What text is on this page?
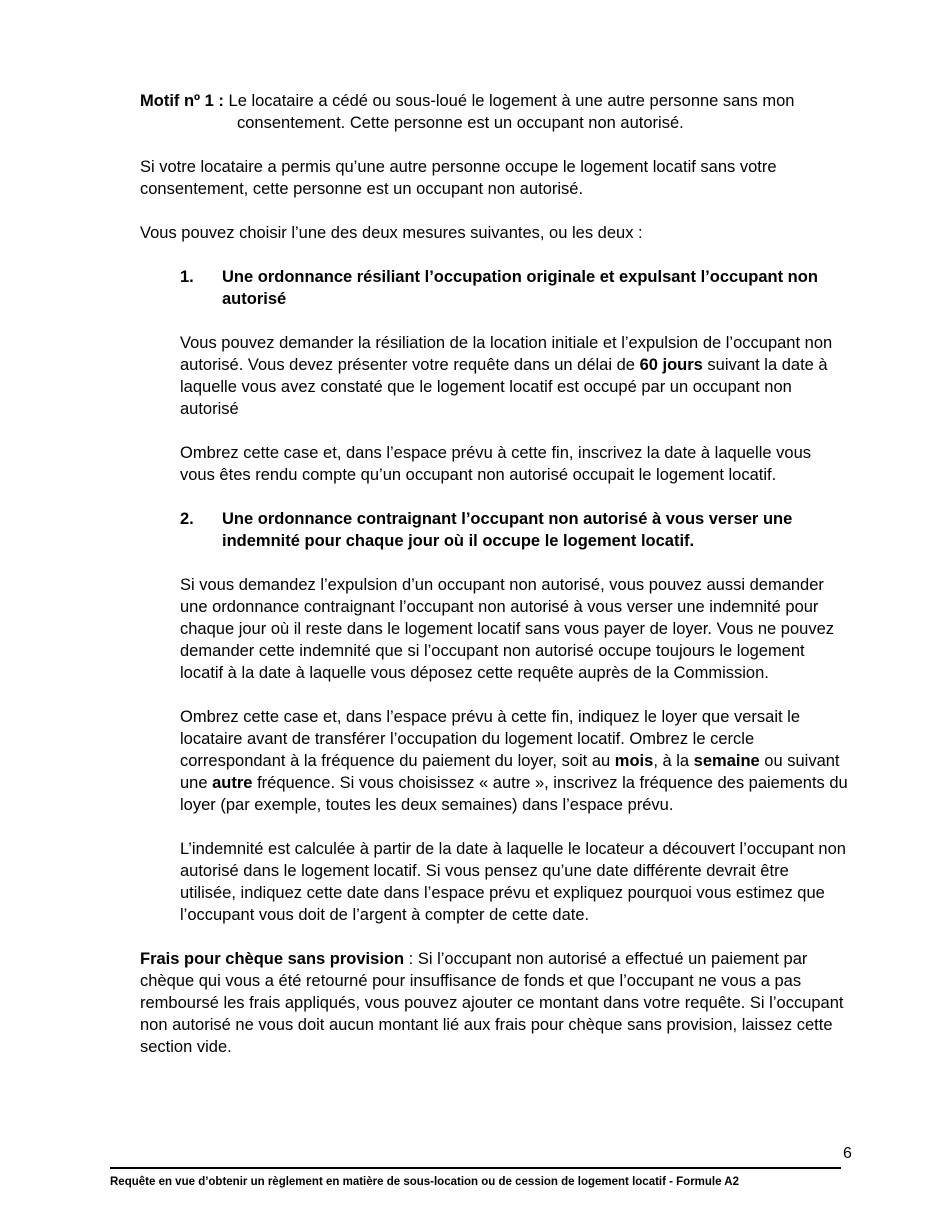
Motif nº 1 : Le locataire a cédé ou sous-loué le logement à une autre personne sans mon consentement. Cette personne est un occupant non autorisé.
Si votre locataire a permis qu’une autre personne occupe le logement locatif sans votre consentement, cette personne est un occupant non autorisé.
Vous pouvez choisir l’une des deux mesures suivantes, ou les deux :
1.	Une ordonnance résiliant l’occupation originale et expulsant l’occupant non autorisé
Vous pouvez demander la résiliation de la location initiale et l’expulsion de l’occupant non autorisé. Vous devez présenter votre requête dans un délai de 60 jours suivant la date à laquelle vous avez constaté que le logement locatif est occupé par un occupant non autorisé
Ombrez cette case et, dans l’espace prévu à cette fin, inscrivez la date à laquelle vous vous êtes rendu compte qu’un occupant non autorisé occupait le logement locatif.
2.	Une ordonnance contraignant l’occupant non autorisé à vous verser une indemnité pour chaque jour où il occupe le logement locatif.
Si vous demandez l’expulsion d’un occupant non autorisé, vous pouvez aussi demander une ordonnance contraignant l’occupant non autorisé à vous verser une indemnité pour chaque jour où il reste dans le logement locatif sans vous payer de loyer. Vous ne pouvez demander cette indemnité que si l’occupant non autorisé occupe toujours le logement locatif à la date à laquelle vous déposez cette requête auprès de la Commission.
Ombrez cette case et, dans l’espace prévu à cette fin, indiquez le loyer que versait le locataire avant de transférer l’occupation du logement locatif. Ombrez le cercle correspondant à la fréquence du paiement du loyer, soit au mois, à la semaine ou suivant une autre fréquence. Si vous choisissez « autre », inscrivez la fréquence des paiements du loyer (par exemple, toutes les deux semaines) dans l’espace prévu.
L’indemnité est calculée à partir de la date à laquelle le locateur a découvert l’occupant non autorisé dans le logement locatif. Si vous pensez qu’une date différente devrait être utilisée, indiquez cette date dans l’espace prévu et expliquez pourquoi vous estimez que l’occupant vous doit de l’argent à compter de cette date.
Frais pour chèque sans provision : Si l’occupant non autorisé a effectué un paiement par chèque qui vous a été retourné pour insuffisance de fonds et que l’occupant ne vous a pas remboursé les frais appliqués, vous pouvez ajouter ce montant dans votre requête. Si l’occupant non autorisé ne vous doit aucun montant lié aux frais pour chèque sans provision, laissez cette section vide.
6
Requête en vue d’obtenir un règlement en matière de sous-location ou de cession de logement locatif - Formule A2
